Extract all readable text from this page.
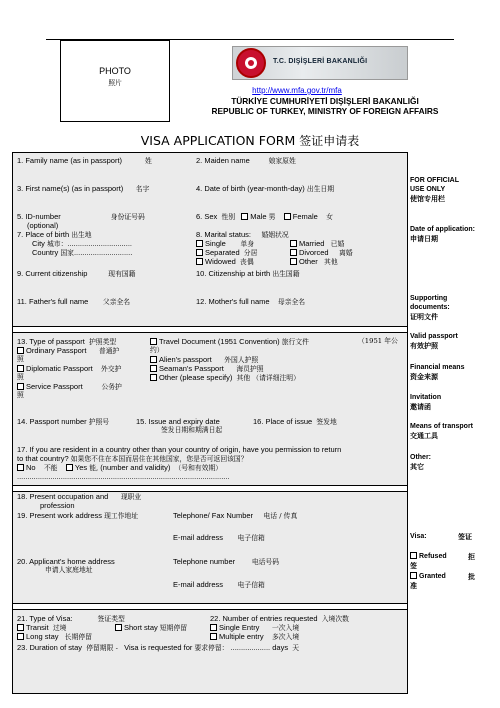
PHOTO
照片
T.C. DIŞİŞLERİ BAKANLIĞI
http://www.mfa.gov.tr/mfa
TÜRKİYE CUMHURİYETİ DIŞİŞLERİ BAKANLIĞI
REPUBLIC OF TURKEY, MINISTRY OF FOREIGN AFFAIRS
VISA APPLICATION FORM 签证申请表
1. Family name (as in passport)	姓	2. Maiden name	娘家原姓
3. First name(s) (as in passport) 名字	4. Date of birth (year-month-day) 出生日期
5. ID-number	身份证号码
(optional)
6. Sex 性别 Male 男 Female 女
7. Place of birth 出生地
City 城市：...............................
Country 国家............................
8. Marital status: 婚姻状况
Single 单身	Married 已婚
Separated 分居	Divorced 离婚
Widowed 丧偶	Other 其他
9. Current citizenship	现有国籍	10. Citizenship at birth 出生国籍
11. Father's full name 父亲全名	12. Mother's full name 母亲全名
13. Type of passport 护照类型	Travel Document (1951 Convention) 旅行文件	（1951 年公
约）
Ordinary Passport 普通护
照	Alien's passport 外国人护照
Diplomatic Passport 外交护	Seaman's Passport 海员护照
照	Other (please specify) 其他 （请详细注明）
Service Passport	公务护
照
14. Passport number 护照号	15. Issue and expiry date
签发日期和期满日起
16. Place of issue 签发地
17. If you are resident in a country other than your country of origin, have you permission to return
to that country? 如果您不住在本国而居住在其他国家，您是否可返回该国？
No 不能 Yes 能, (number and validity) （号和有效期）
......................................................................................................
18. Present occupation and 现职业
profession
19. Present work address 现工作地址	Telephone/ Fax Number 电话 / 传真
E-mail address 电子信箱
20. Applicant's home address
申请人家庭地址
Telephone number 电话号码
E-mail address 电子信箱
21. Type of Visa:	签证类型
Transit 过境	Short stay 短期停留
Long stay 长期停留
22. Number of entries requested 入境次数
Single Entry 一次入境
Multiple entry 多次入境
23. Duration of stay 停留期限 - Visa is requested for 要求停留： ................... days 天
FOR OFFICIAL
USE ONLY
使馆专用栏
Date of application:
申请日期
Supporting
documents:
证明文件
Valid passport
有效护照
Financial means
资金来源
Invitation
邀请函
Means of transport
交通工具
Other:
其它
Visa:	签证
Refused	拒
签
Granted	批
准
